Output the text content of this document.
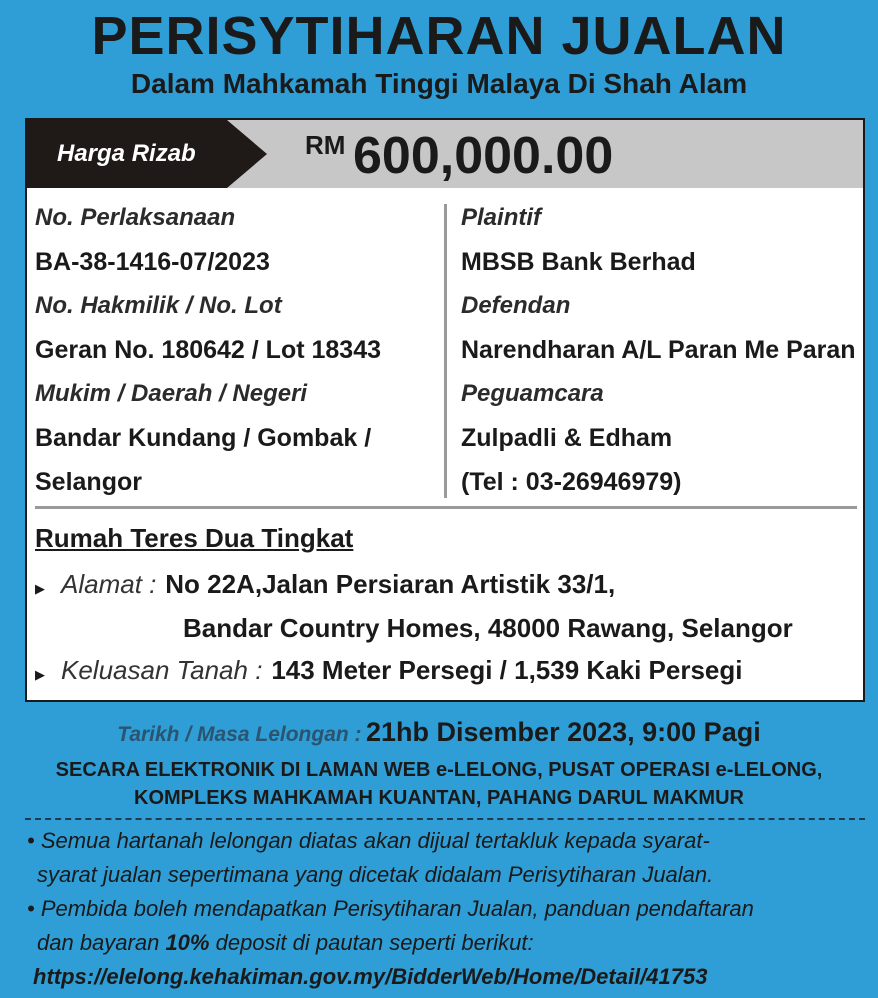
PERISYTIHARAN JUALAN
Dalam Mahkamah Tinggi Malaya Di Shah Alam
Harga Rizab	RM 600,000.00
No. Perlaksanaan
BA-38-1416-07/2023
No. Hakmilik / No. Lot
Geran No. 180642 / Lot 18343
Mukim / Daerah / Negeri
Bandar Kundang / Gombak /
Selangor
Plaintif
MBSB Bank Berhad
Defendan
Narendharan A/L Paran Me Paran
Peguamcara
Zulpadli & Edham
(Tel : 03-26946979)
Rumah Teres Dua Tingkat
▶ Alamat : No 22A,Jalan Persiaran Artistik 33/1,
Bandar Country Homes, 48000 Rawang, Selangor
▶ Keluasan Tanah : 143 Meter Persegi / 1,539 Kaki Persegi
Tarikh / Masa Lelongan : 21hb Disember 2023, 9:00 Pagi
SECARA ELEKTRONIK DI LAMAN WEB e-LELONG, PUSAT OPERASI e-LELONG,
KOMPLEKS MAHKAMAH KUANTAN, PAHANG DARUL MAKMUR
• Semua hartanah lelongan diatas akan dijual tertakluk kepada syarat-
syarat jualan sepertimana yang dicetak didalam Perisytiharan Jualan.
• Pembida boleh mendapatkan Perisytiharan Jualan, panduan pendaftaran
dan bayaran 10% deposit di pautan seperti berikut:
https://elelong.kehakiman.gov.my/BidderWeb/Home/Detail/41753
